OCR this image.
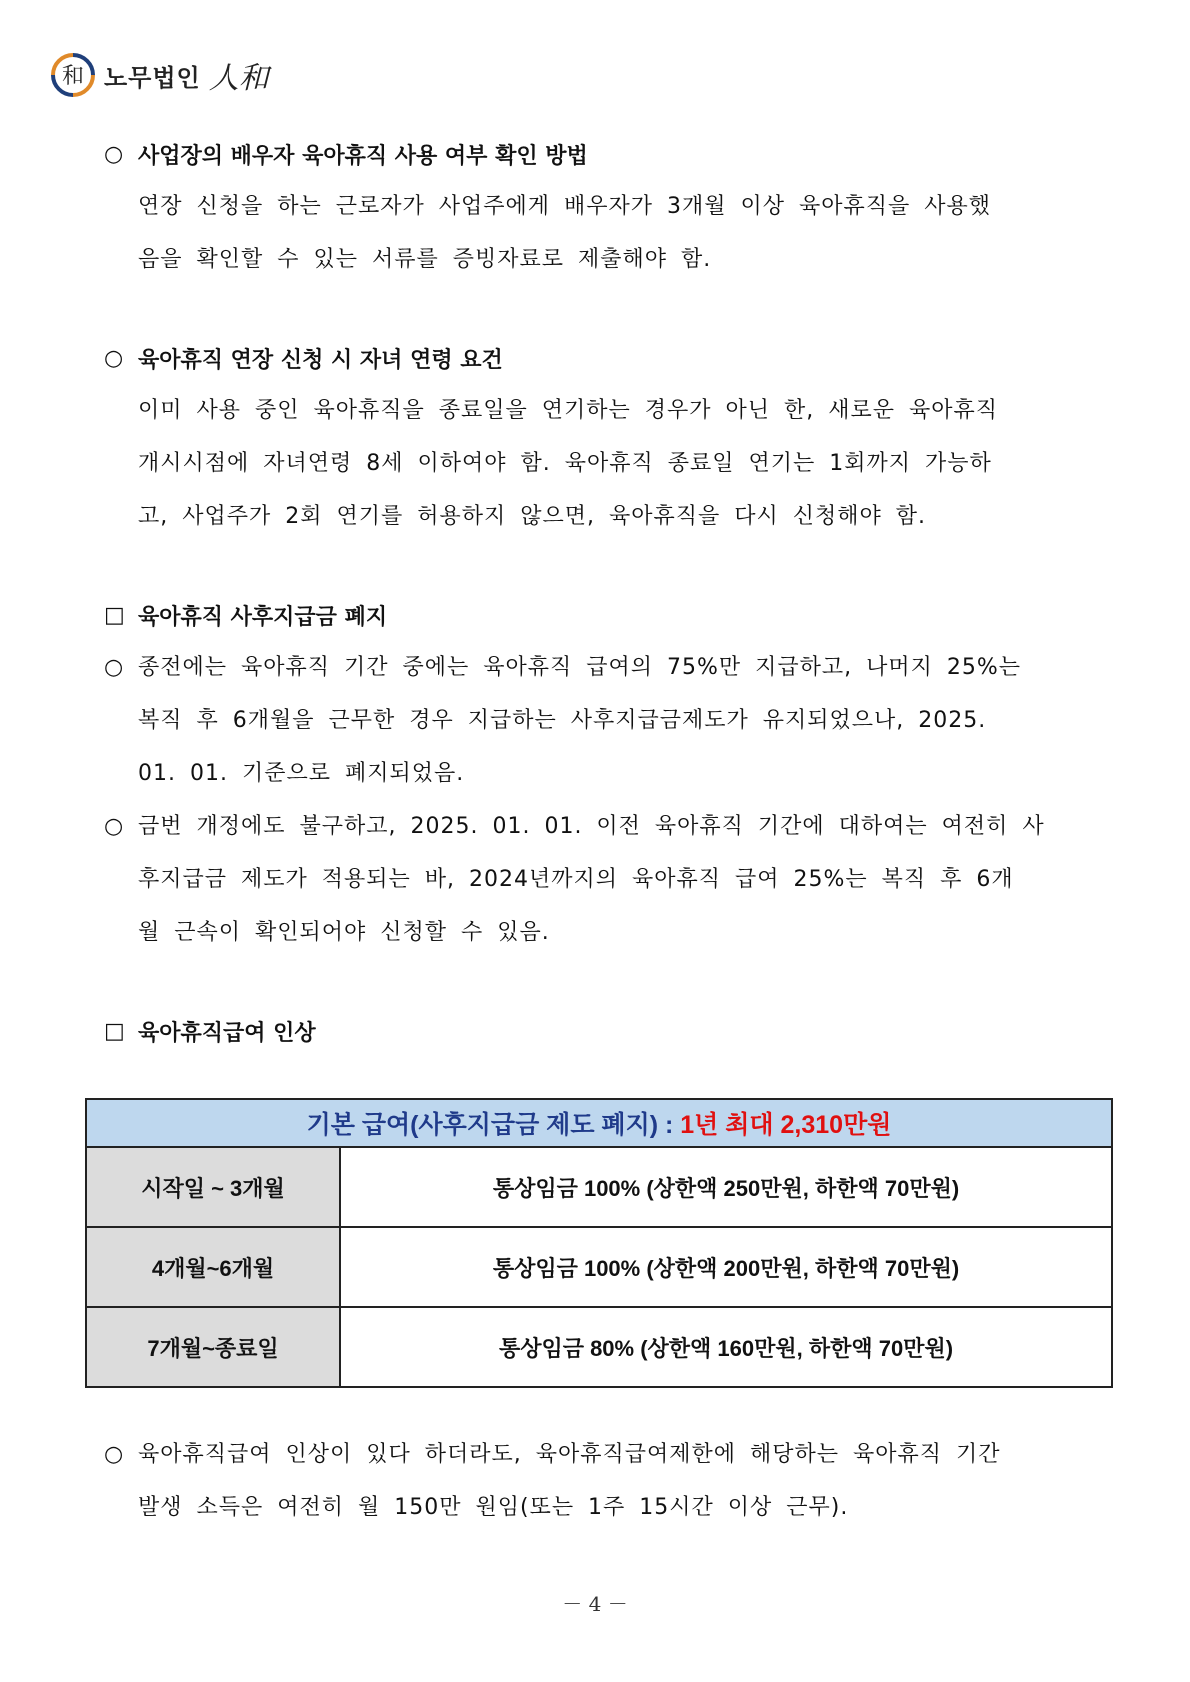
和 노무법인 人和
○ 사업장의 배우자 육아휴직 사용 여부 확인 방법
연장 신청을 하는 근로자가 사업주에게 배우자가 3개월 이상 육아휴직을 사용했
음을 확인할 수 있는 서류를 증빙자료로 제출해야 함.
○ 육아휴직 연장 신청 시 자녀 연령 요건
이미 사용 중인 육아휴직을 종료일을 연기하는 경우가 아닌 한, 새로운 육아휴직
개시시점에 자녀연령 8세 이하여야 함. 육아휴직 종료일 연기는 1회까지 가능하
고, 사업주가 2회 연기를 허용하지 않으면, 육아휴직을 다시 신청해야 함.
□ 육아휴직 사후지급금 폐지
○ 종전에는 육아휴직 기간 중에는 육아휴직 급여의 75%만 지급하고, 나머지 25%는
복직 후 6개월을 근무한 경우 지급하는 사후지급금제도가 유지되었으나, 2025.
01. 01. 기준으로 폐지되었음.
○ 금번 개정에도 불구하고, 2025. 01. 01. 이전 육아휴직 기간에 대하여는 여전히 사
후지급금 제도가 적용되는 바, 2024년까지의 육아휴직 급여 25%는 복직 후 6개
월 근속이 확인되어야 신청할 수 있음.
□ 육아휴직급여 인상
기본 급여(사후지급금 제도 폐지) : 1년 최대 2,310만원	
시작일 ~ 3개월	통상임금 100% (상한액 250만원, 하한액 70만원)
4개월~6개월	통상임금 100% (상한액 200만원, 하한액 70만원)
7개월~종료일	통상임금 80% (상한액 160만원, 하한액 70만원)
○ 육아휴직급여 인상이 있다 하더라도, 육아휴직급여제한에 해당하는 육아휴직 기간
발생 소득은 여전히 월 150만 원임(또는 1주 15시간 이상 근무).
－ 4 －
